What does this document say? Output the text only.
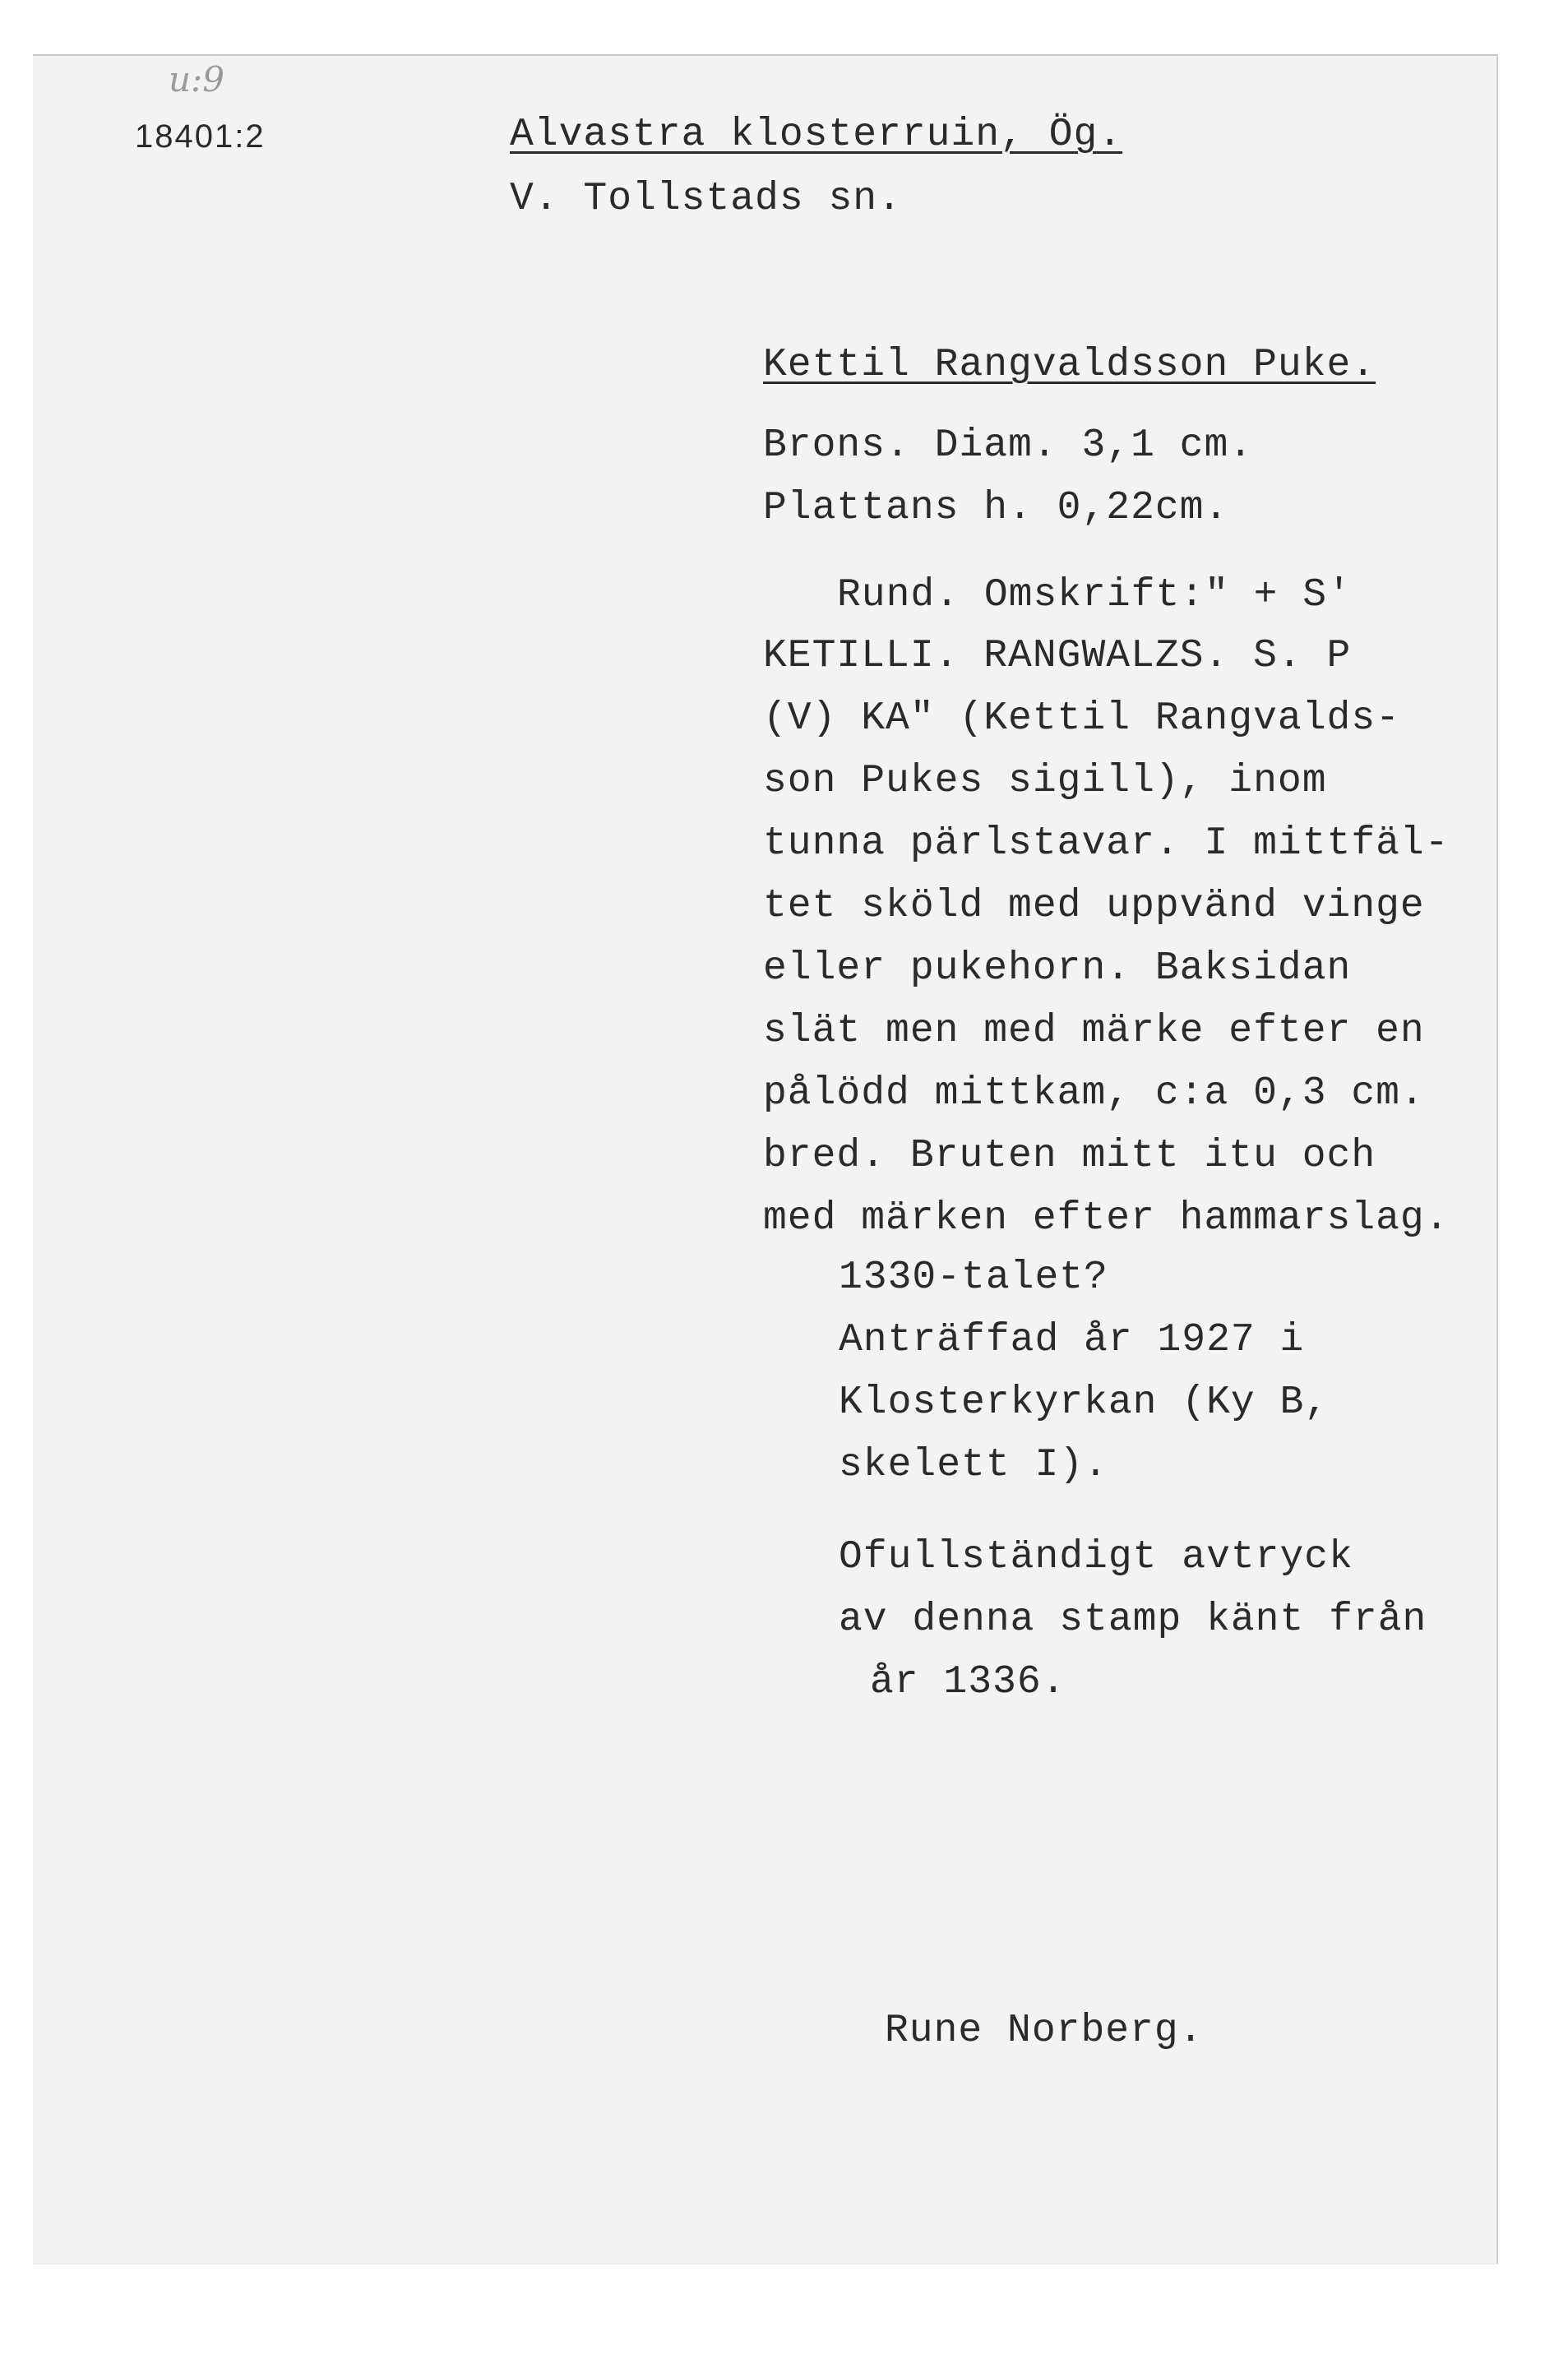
u:9
18401:2	Alvastra klosterruin, Ög.
V. Tollstads sn.
Kettil Rangvaldsson Puke.
Brons. Diam. 3,1 cm.
Plattans h. 0,22cm.
Rund. Omskrift:" + S'
KETILLI. RANGWALZS. S. P
(V) KA" (Kettil Rangvalds-
son Pukes sigill), inom
tunna pärlstavar. I mittfäl-
tet sköld med uppvänd vinge
eller pukehorn. Baksidan
slät men med märke efter en
pålödd mittkam, c:a 0,3 cm.
bred. Bruten mitt itu och
med märken efter hammarslag.
1330-talet?
Anträffad år 1927 i
Klosterkyrkan (Ky B,
skelett I).
Ofullständigt avtryck
av denna stamp känt från
år 1336.
Rune Norberg.
